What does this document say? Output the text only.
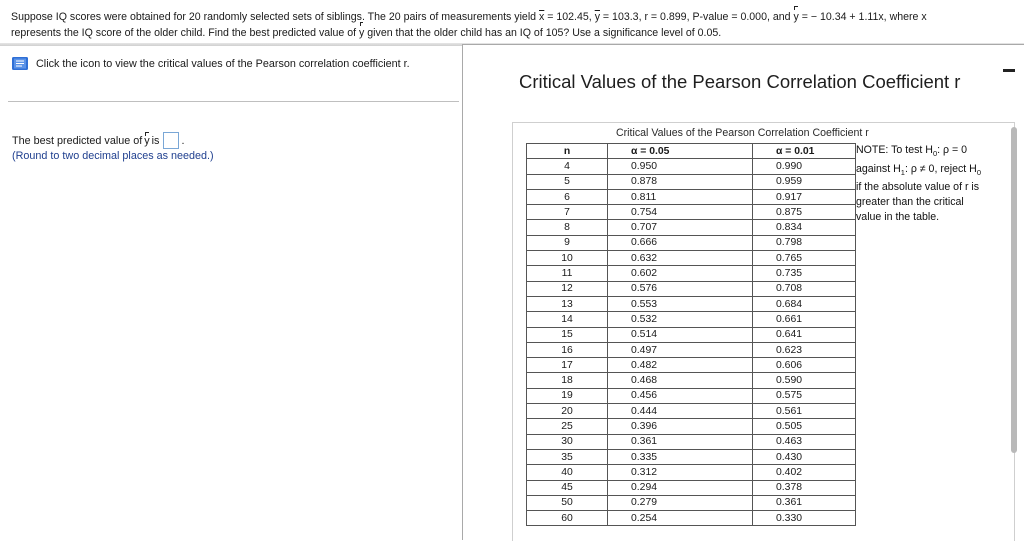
Suppose IQ scores were obtained for 20 randomly selected sets of siblings. The 20 pairs of measurements yield $\overline{x} = 102.45$, $\overline{y} = 103.3$, r = 0.899, P-value = 0.000, and y = − 10.34 + 1.11x, where x
represents the IQ score of the older child. Find the best predicted value of y given that the older child has an IQ of 105? Use a significance level of 0.05.
Click the icon to view the critical values of the Pearson correlation coefficient r.
The best predicted value of y is .
(Round to two decimal places as needed.)
Critical Values of the Pearson Correlation Coefficient r
Critical Values of the Pearson Correlation Coefficient r
n	α = 0.05	α = 0.01
4	0.950	0.990
5	0.878	0.959
6	0.811	0.917
7	0.754	0.875
8	0.707	0.834
9	0.666	0.798
10	0.632	0.765
11	0.602	0.735
12	0.576	0.708
13	0.553	0.684
14	0.532	0.661
15	0.514	0.641
16	0.497	0.623
17	0.482	0.606
18	0.468	0.590
19	0.456	0.575
20	0.444	0.561
25	0.396	0.505
30	0.361	0.463
35	0.335	0.430
40	0.312	0.402
45	0.294	0.378
50	0.279	0.361
60	0.254	0.330
NOTE: To test $H_0$: ρ = 0
against $H_1$: ρ ≠ 0, reject $H_0$
if the absolute value of r is
greater than the critical
value in the table.
